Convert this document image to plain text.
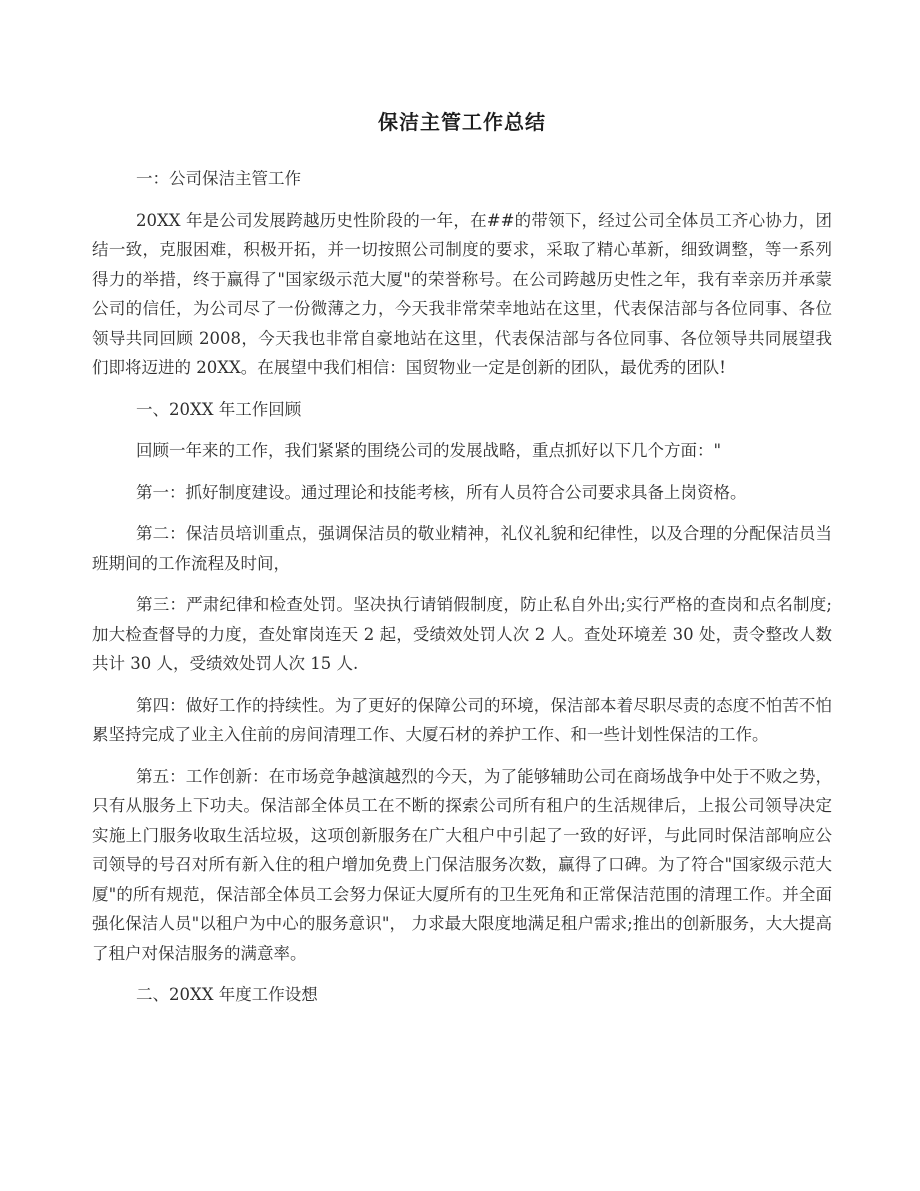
保洁主管工作总结

一：公司保洁主管工作

20XX 年是公司发展跨越历史性阶段的一年，在##的带领下，经过公司全体员工齐心协力，团结一致，克服困难，积极开拓，并一切按照公司制度的要求，采取了精心革新，细致调整，等一系列得力的举措，终于赢得了"国家级示范大厦"的荣誉称号。在公司跨越历史性之年，我有幸亲历并承蒙公司的信任，为公司尽了一份微薄之力，今天我非常荣幸地站在这里，代表保洁部与各位同事、各位领导共同回顾 2008，今天我也非常自豪地站在这里，代表保洁部与各位同事、各位领导共同展望我们即将迈进的 20XX。在展望中我们相信：国贸物业一定是创新的团队，最优秀的团队!

一、20XX 年工作回顾

回顾一年来的工作，我们紧紧的围绕公司的发展战略，重点抓好以下几个方面："

第一：抓好制度建设。通过理论和技能考核，所有人员符合公司要求具备上岗资格。

第二：保洁员培训重点，强调保洁员的敬业精神，礼仪礼貌和纪律性，以及合理的分配保洁员当班期间的工作流程及时间，

第三：严肃纪律和检查处罚。坚决执行请销假制度，防止私自外出;实行严格的查岗和点名制度;加大检查督导的力度，查处窜岗连天 2 起，受绩效处罚人次 2 人。查处环境差 30 处，责令整改人数共计 30 人，受绩效处罚人次 15 人.

第四：做好工作的持续性。为了更好的保障公司的环境，保洁部本着尽职尽责的态度不怕苦不怕累坚持完成了业主入住前的房间清理工作、大厦石材的养护工作、和一些计划性保洁的工作。

第五：工作创新：在市场竞争越演越烈的今天，为了能够辅助公司在商场战争中处于不败之势，只有从服务上下功夫。保洁部全体员工在不断的探索公司所有租户的生活规律后，上报公司领导决定实施上门服务收取生活垃圾，这项创新服务在广大租户中引起了一致的好评，与此同时保洁部响应公司领导的号召对所有新入住的租户增加免费上门保洁服务次数，赢得了口碑。为了符合"国家级示范大厦"的所有规范，保洁部全体员工会努力保证大厦所有的卫生死角和正常保洁范围的清理工作。并全面强化保洁人员"以租户为中心的服务意识"， 力求最大限度地满足租户需求;推出的创新服务，大大提高了租户对保洁服务的满意率。

二、20XX 年度工作设想
